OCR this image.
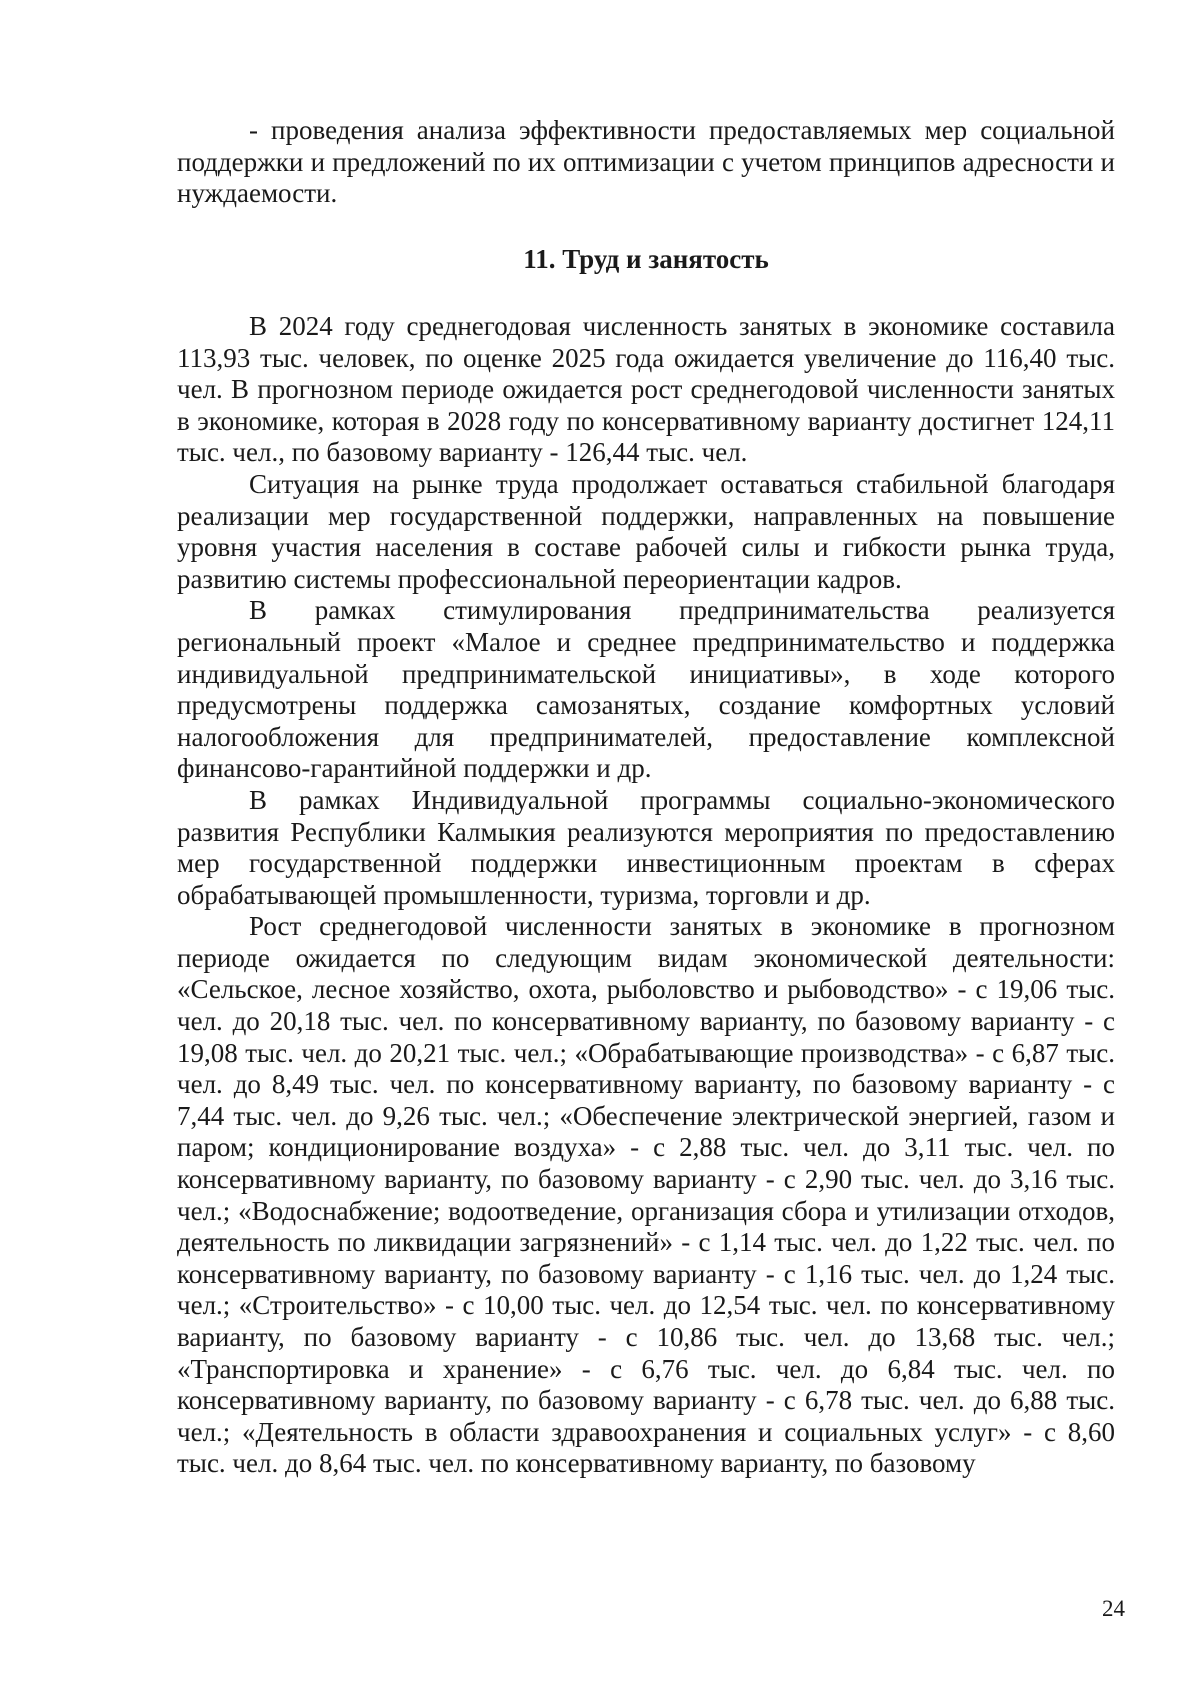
- проведения анализа эффективности предоставляемых мер социальной поддержки и предложений по их оптимизации с учетом принципов адресности и нуждаемости.

11. Труд и занятость

В 2024 году среднегодовая численность занятых в экономике составила 113,93 тыс. человек, по оценке 2025 года ожидается увеличение до 116,40 тыс. чел. В прогнозном периоде ожидается рост среднегодовой численности занятых в экономике, которая в 2028 году по консервативному варианту достигнет 124,11 тыс. чел., по базовому варианту - 126,44 тыс. чел.

Ситуация на рынке труда продолжает оставаться стабильной благодаря реализации мер государственной поддержки, направленных на повышение уровня участия населения в составе рабочей силы и гибкости рынка труда, развитию системы профессиональной переориентации кадров.

В рамках стимулирования предпринимательства реализуется региональный проект «Малое и среднее предпринимательство и поддержка индивидуальной предпринимательской инициативы», в ходе которого предусмотрены поддержка самозанятых, создание комфортных условий налогообложения для предпринимателей, предоставление комплексной финансово-гарантийной поддержки и др.

В рамках Индивидуальной программы социально-экономического развития Республики Калмыкия реализуются мероприятия по предоставлению мер государственной поддержки инвестиционным проектам в сферах обрабатывающей промышленности, туризма, торговли и др.

Рост среднегодовой численности занятых в экономике в прогнозном периоде ожидается по следующим видам экономической деятельности: «Сельское, лесное хозяйство, охота, рыболовство и рыбоводство» - с 19,06 тыс. чел. до 20,18 тыс. чел. по консервативному варианту, по базовому варианту - с 19,08 тыс. чел. до 20,21 тыс. чел.; «Обрабатывающие производства» - с 6,87 тыс. чел. до 8,49 тыс. чел. по консервативному варианту, по базовому варианту - с 7,44 тыс. чел. до 9,26 тыс. чел.; «Обеспечение электрической энергией, газом и паром; кондиционирование воздуха» - с 2,88 тыс. чел. до 3,11 тыс. чел. по консервативному варианту, по базовому варианту - с 2,90 тыс. чел. до 3,16 тыс. чел.; «Водоснабжение; водоотведение, организация сбора и утилизации отходов, деятельность по ликвидации загрязнений» - с 1,14 тыс. чел. до 1,22 тыс. чел. по консервативному варианту, по базовому варианту - с 1,16 тыс. чел. до 1,24 тыс. чел.; «Строительство» - с 10,00 тыс. чел. до 12,54 тыс. чел. по консервативному варианту, по базовому варианту - с 10,86 тыс. чел. до 13,68 тыс. чел.; «Транспортировка и хранение» - с 6,76 тыс. чел. до 6,84 тыс. чел. по консервативному варианту, по базовому варианту - с 6,78 тыс. чел. до 6,88 тыс. чел.; «Деятельность в области здравоохранения и социальных услуг» - с 8,60 тыс. чел. до 8,64 тыс. чел. по консервативному варианту, по базовому

24
